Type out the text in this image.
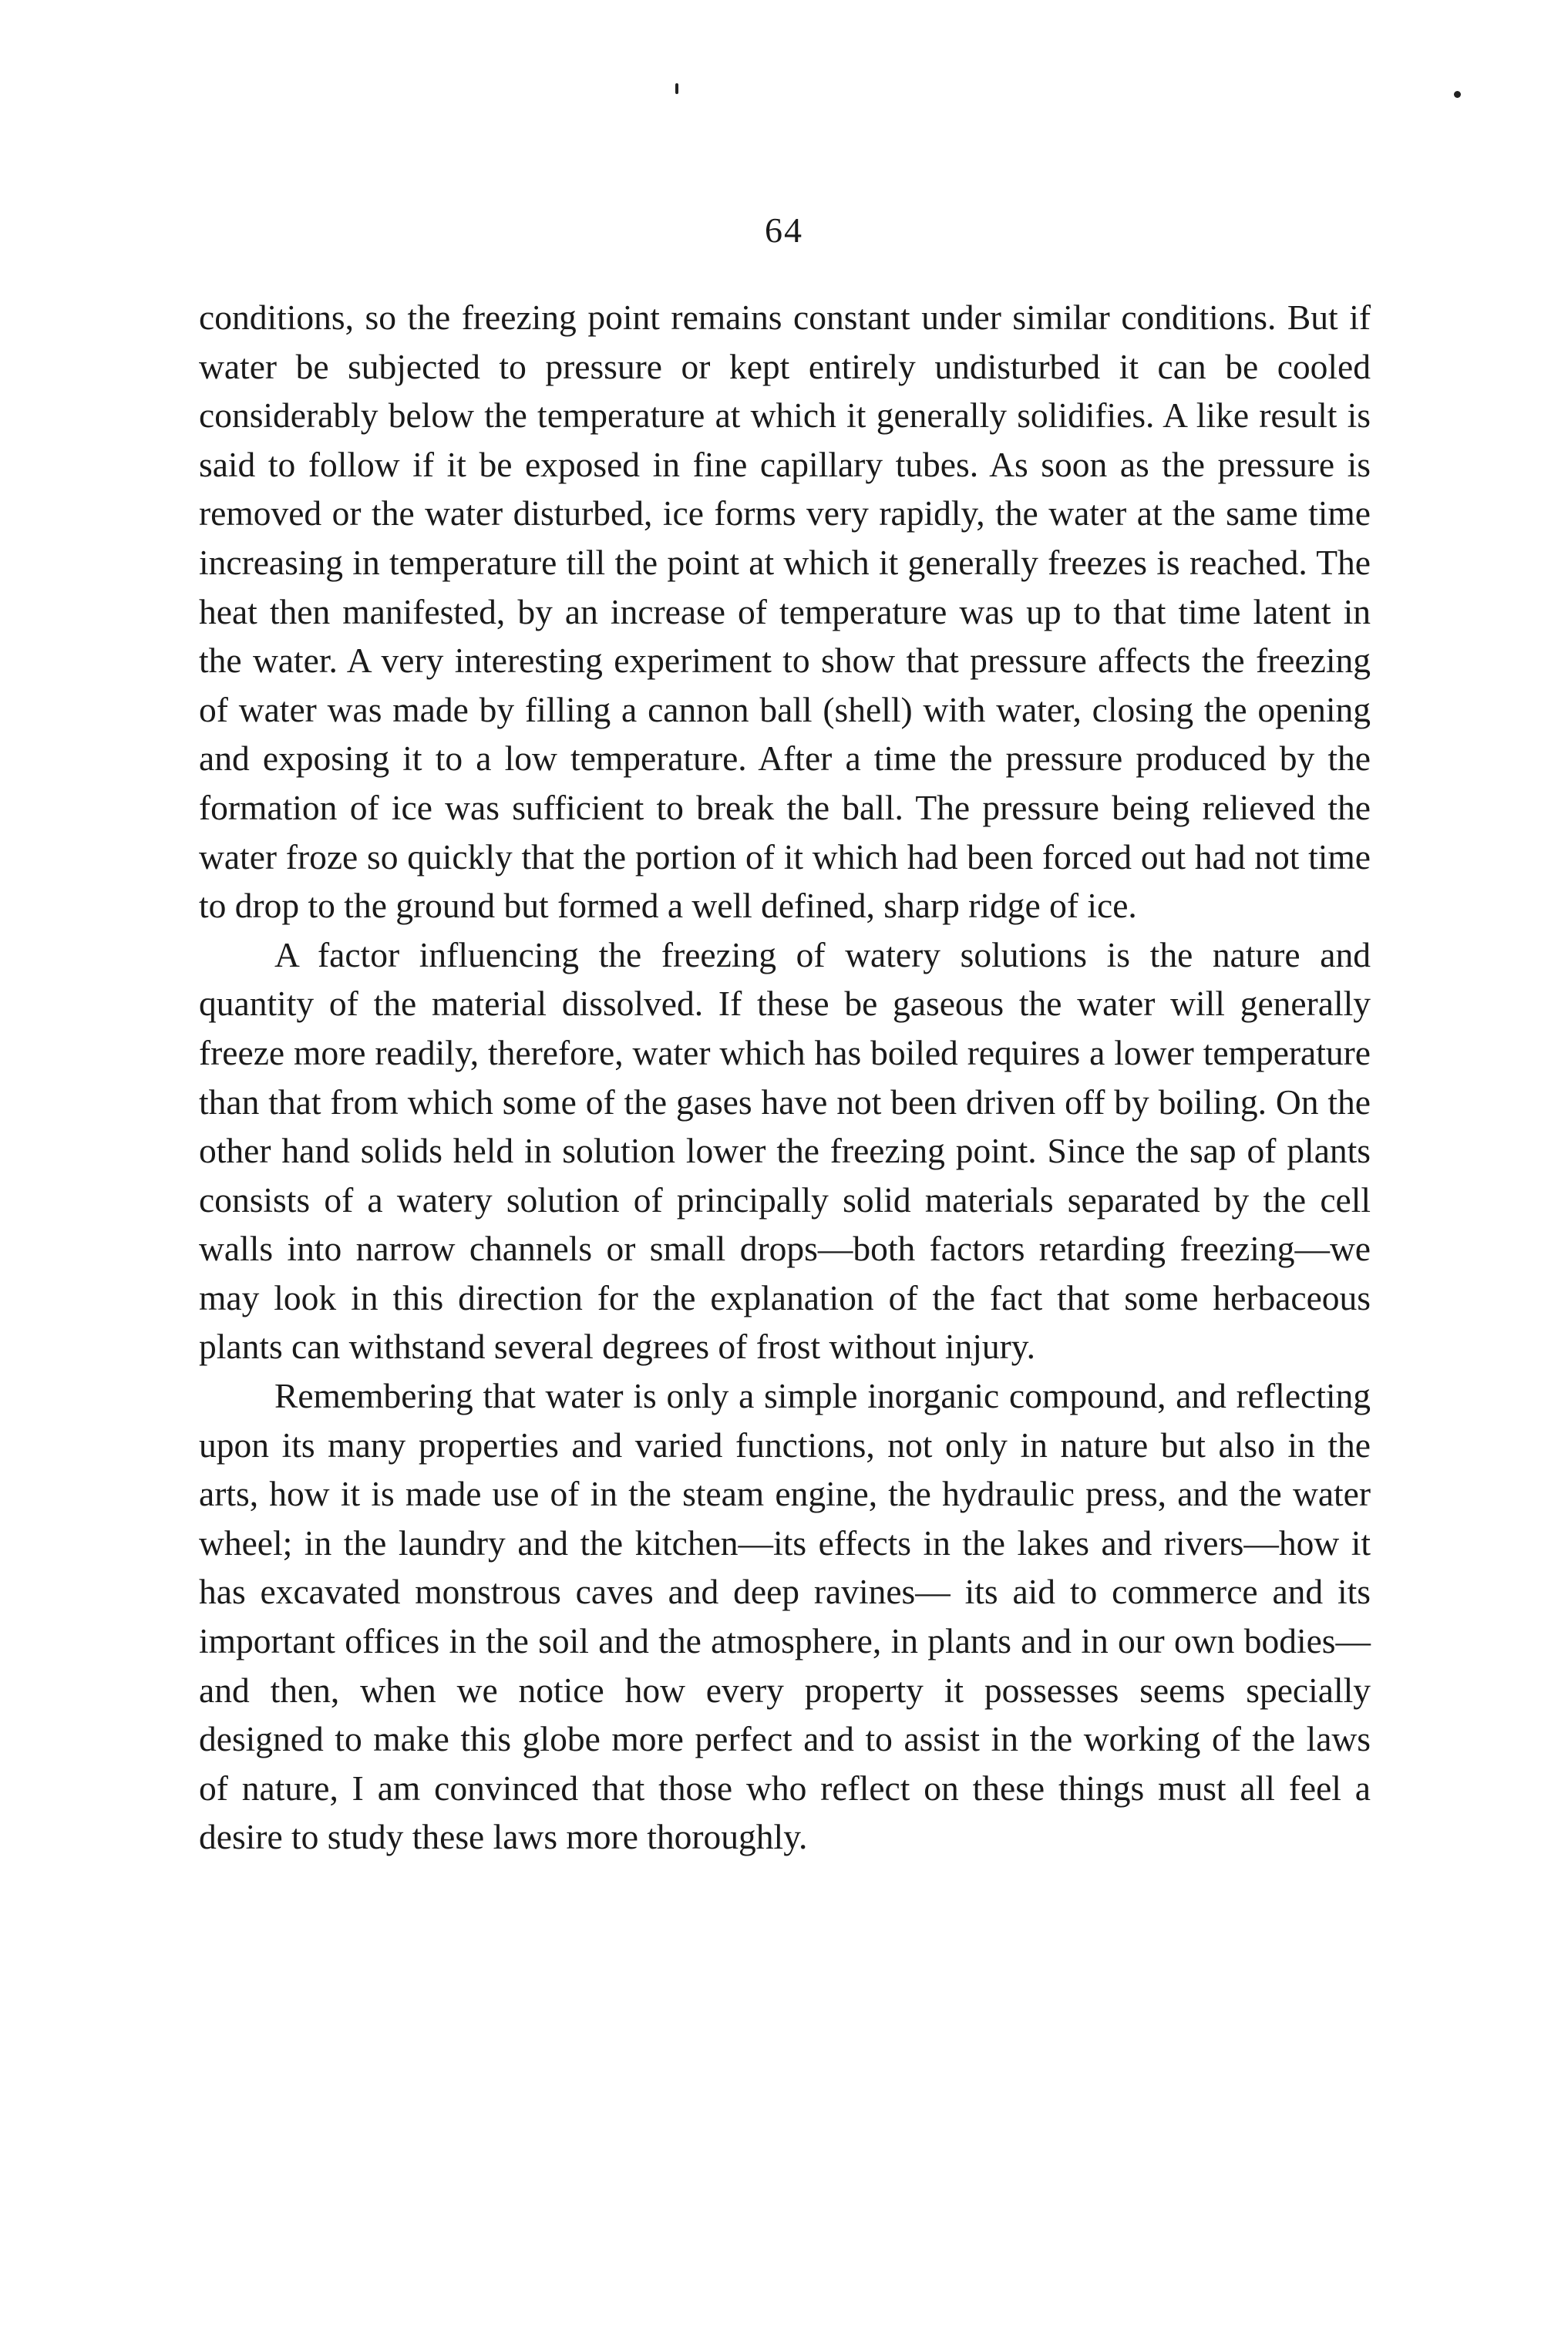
64

conditions, so the freezing point remains constant under similar conditions. But if water be subjected to pressure or kept entirely undisturbed it can be cooled considerably below the temperature at which it generally solidifies. A like result is said to follow if it be exposed in fine capillary tubes. As soon as the pressure is removed or the water disturbed, ice forms very rapidly, the water at the same time increasing in temperature till the point at which it generally freezes is reached. The heat then manifested, by an increase of temperature was up to that time latent in the water. A very interesting experiment to show that pressure affects the freezing of water was made by filling a cannon ball (shell) with water, closing the opening and exposing it to a low temperature. After a time the pressure produced by the formation of ice was sufficient to break the ball. The pressure being relieved the water froze so quickly that the portion of it which had been forced out had not time to drop to the ground but formed a well defined, sharp ridge of ice.

A factor influencing the freezing of watery solutions is the nature and quantity of the material dissolved. If these be gaseous the water will generally freeze more readily, therefore, water which has boiled requires a lower temperature than that from which some of the gases have not been driven off by boiling. On the other hand solids held in solution lower the freezing point. Since the sap of plants consists of a watery solution of principally solid materials separated by the cell walls into narrow channels or small drops—both factors retarding freezing—we may look in this direction for the explanation of the fact that some herbaceous plants can withstand several degrees of frost without injury.

Remembering that water is only a simple inorganic compound, and reflecting upon its many properties and varied functions, not only in nature but also in the arts, how it is made use of in the steam engine, the hydraulic press, and the water wheel; in the laundry and the kitchen—its effects in the lakes and rivers—how it has excavated monstrous caves and deep ravines— its aid to commerce and its important offices in the soil and the atmosphere, in plants and in our own bodies—and then, when we notice how every property it possesses seems specially designed to make this globe more perfect and to assist in the working of the laws of nature, I am convinced that those who reflect on these things must all feel a desire to study these laws more thoroughly.
